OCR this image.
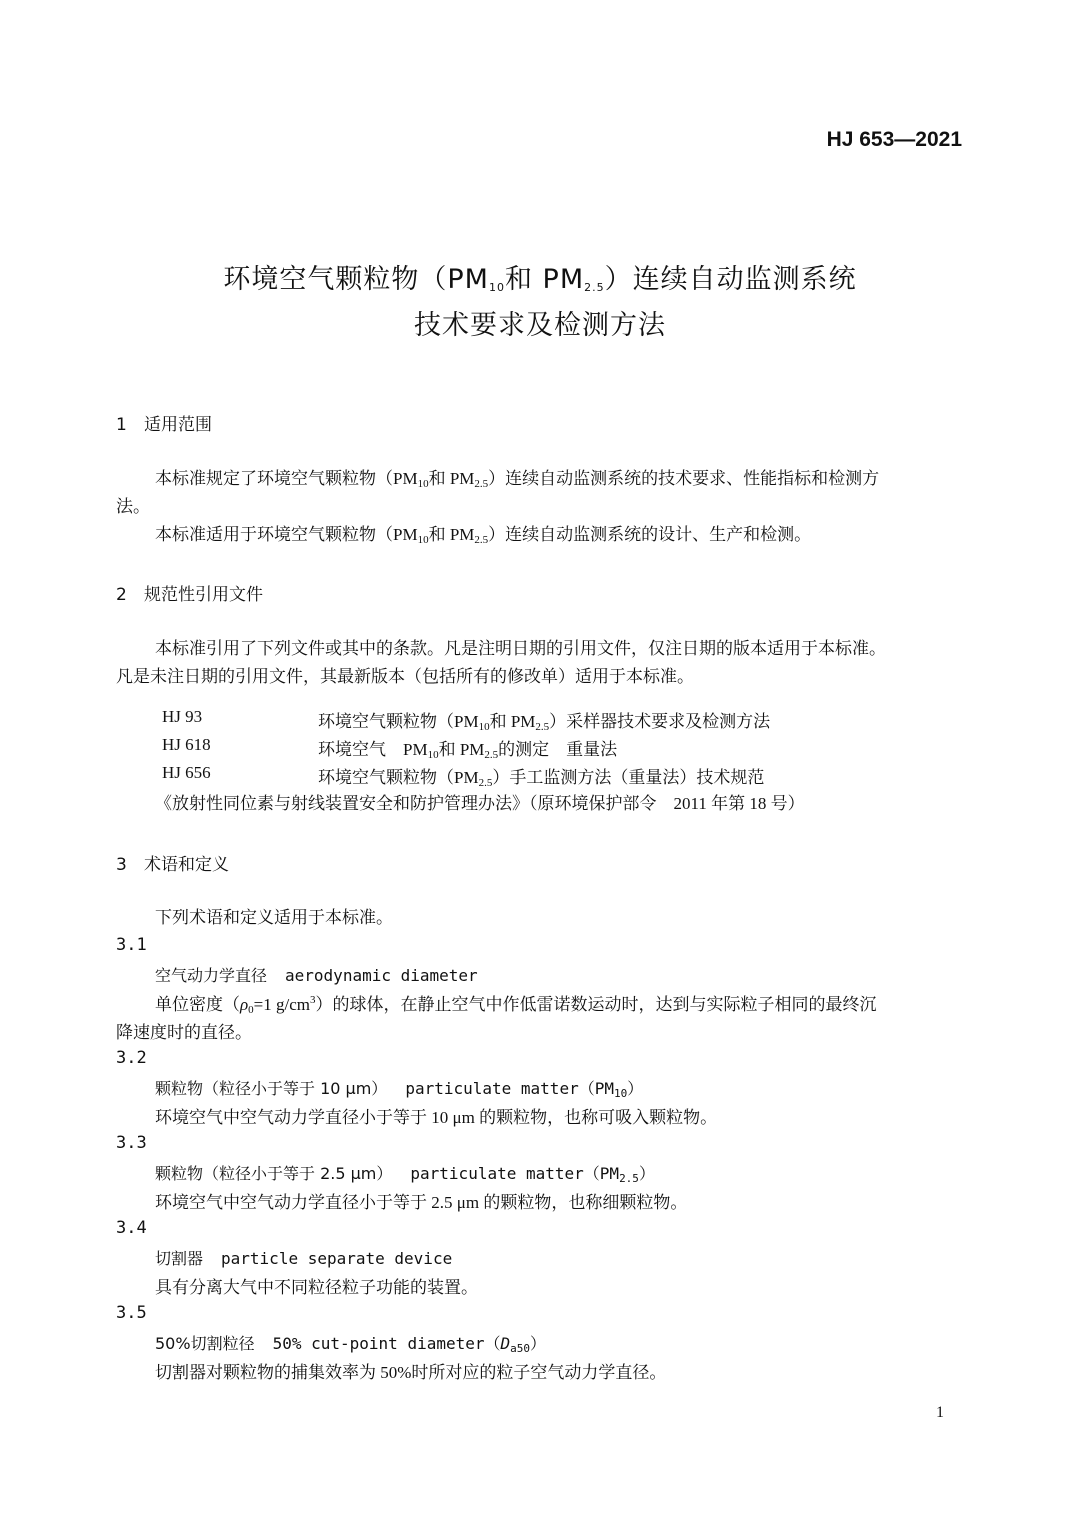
HJ 653—2021
环境空气颗粒物（$PM_{10}$和 $PM_{2.5}$）连续自动监测系统
技术要求及检测方法
1 适用范围
本标准规定了环境空气颗粒物（$PM_{10}$和 $PM_{2.5}$）连续自动监测系统的技术要求、性能指标和检测方
法。
本标准适用于环境空气颗粒物（$PM_{10}$和 $PM_{2.5}$）连续自动监测系统的设计、生产和检测。
2 规范性引用文件
本标准引用了下列文件或其中的条款。凡是注明日期的引用文件，仅注日期的版本适用于本标准。
凡是未注日期的引用文件，其最新版本（包括所有的修改单）适用于本标准。
HJ 93	环境空气颗粒物（$PM_{10}$和 $PM_{2.5}$）采样器技术要求及检测方法
HJ 618	环境空气　$PM_{10}$和 $PM_{2.5}$的测定　重量法
HJ 656	环境空气颗粒物$(PM_{2.5})$手工监测方法（重量法）技术规范
《放射性同位素与射线装置安全和防护管理办法》（原环境保护部令　2011 年第 18 号）
3 术语和定义
下列术语和定义适用于本标准。
3.1
空气动力学直径 aerodynamic diameter
单位密度（$\rho_0=1$ $g/cm^3$）的球体，在静止空气中作低雷诺数运动时，达到与实际粒子相同的最终沉
降速度时的直径。
3.2
颗粒物（粒径小于等于 10 μm） particulate $matter(PM_{10})$
环境空气中空气动力学直径小于等于 10 μm 的颗粒物，也称可吸入颗粒物。
3.3
颗粒物（粒径小于等于 2.5 μm） particulate $matter(PM_{2.5})$
环境空气中空气动力学直径小于等于 2.5 μm 的颗粒物，也称细颗粒物。
3.4
切割器 particle separate device
具有分离大气中不同粒径粒子功能的装置。
3.5
50%切割粒径 50% cut-point $diameter(D_{a50})$
切割器对颗粒物的捕集效率为 50%时所对应的粒子空气动力学直径。
1
